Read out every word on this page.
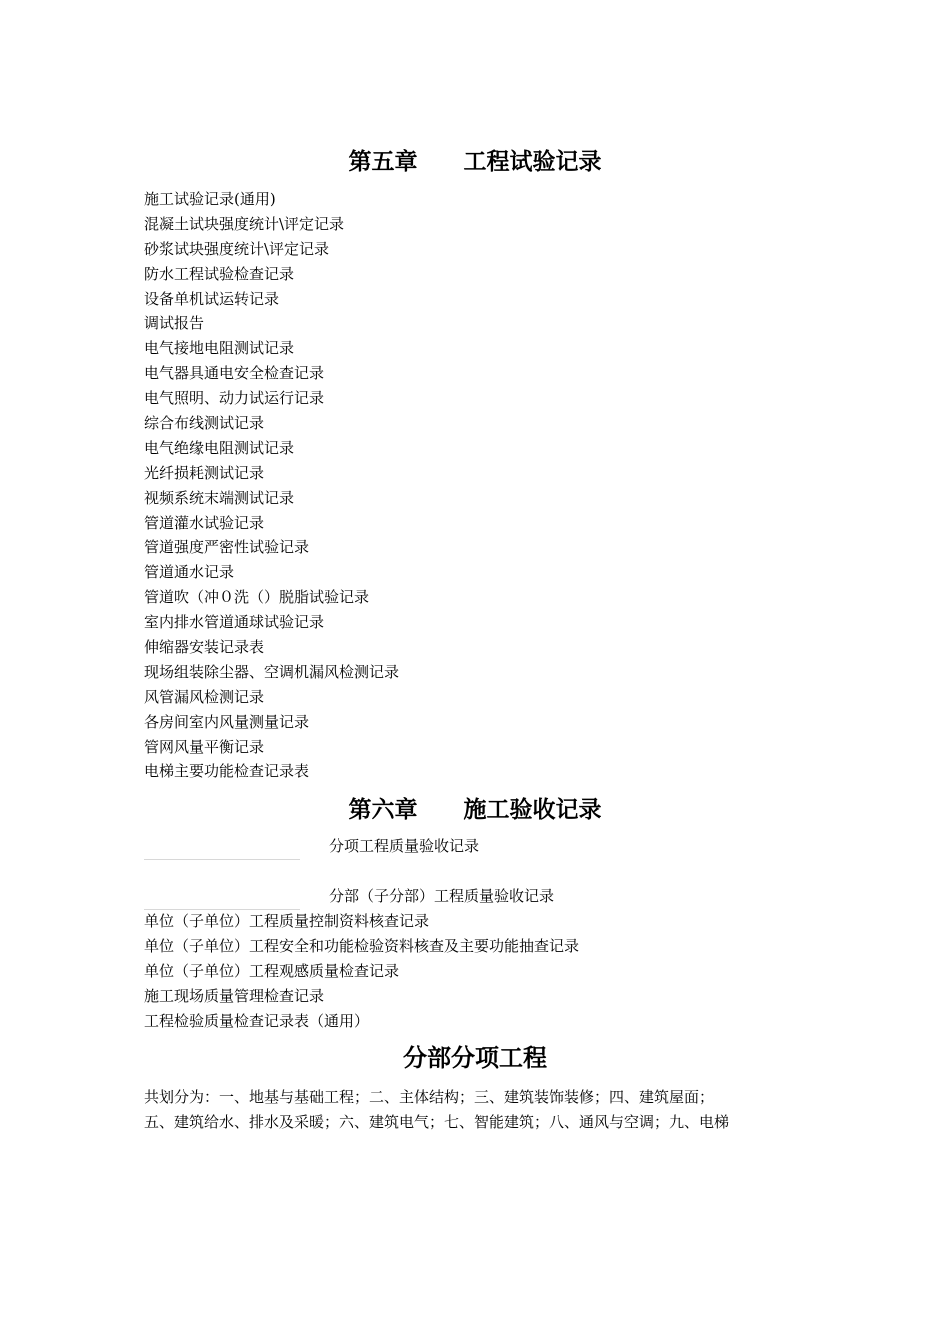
第五章　　工程试验记录
施工试验记录(通用)
混凝土试块强度统计\评定记录
砂浆试块强度统计\评定记录
防水工程试验检查记录
设备单机试运转记录
调试报告
电气接地电阻测试记录
电气器具通电安全检查记录
电气照明、动力试运行记录
综合布线测试记录
电气绝缘电阻测试记录
光纤损耗测试记录
视频系统末端测试记录
管道灌水试验记录
管道强度严密性试验记录
管道通水记录
管道吹（冲０洗（）脱脂试验记录
室内排水管道通球试验记录
伸缩器安装记录表
现场组装除尘器、空调机漏风检测记录
风管漏风检测记录
各房间室内风量测量记录
管网风量平衡记录
电梯主要功能检查记录表
第六章　　施工验收记录
分项工程质量验收记录
分部（子分部）工程质量验收记录
单位（子单位）工程质量控制资料核查记录
单位（子单位）工程安全和功能检验资料核查及主要功能抽查记录
单位（子单位）工程观感质量检查记录
施工现场质量管理检查记录
工程检验质量检查记录表（通用）
分部分项工程
共划分为：一、地基与基础工程；二、主体结构；三、建筑装饰装修；四、建筑屋面；
五、建筑给水、排水及采暖；六、建筑电气；七、智能建筑；八、通风与空调；九、电梯
